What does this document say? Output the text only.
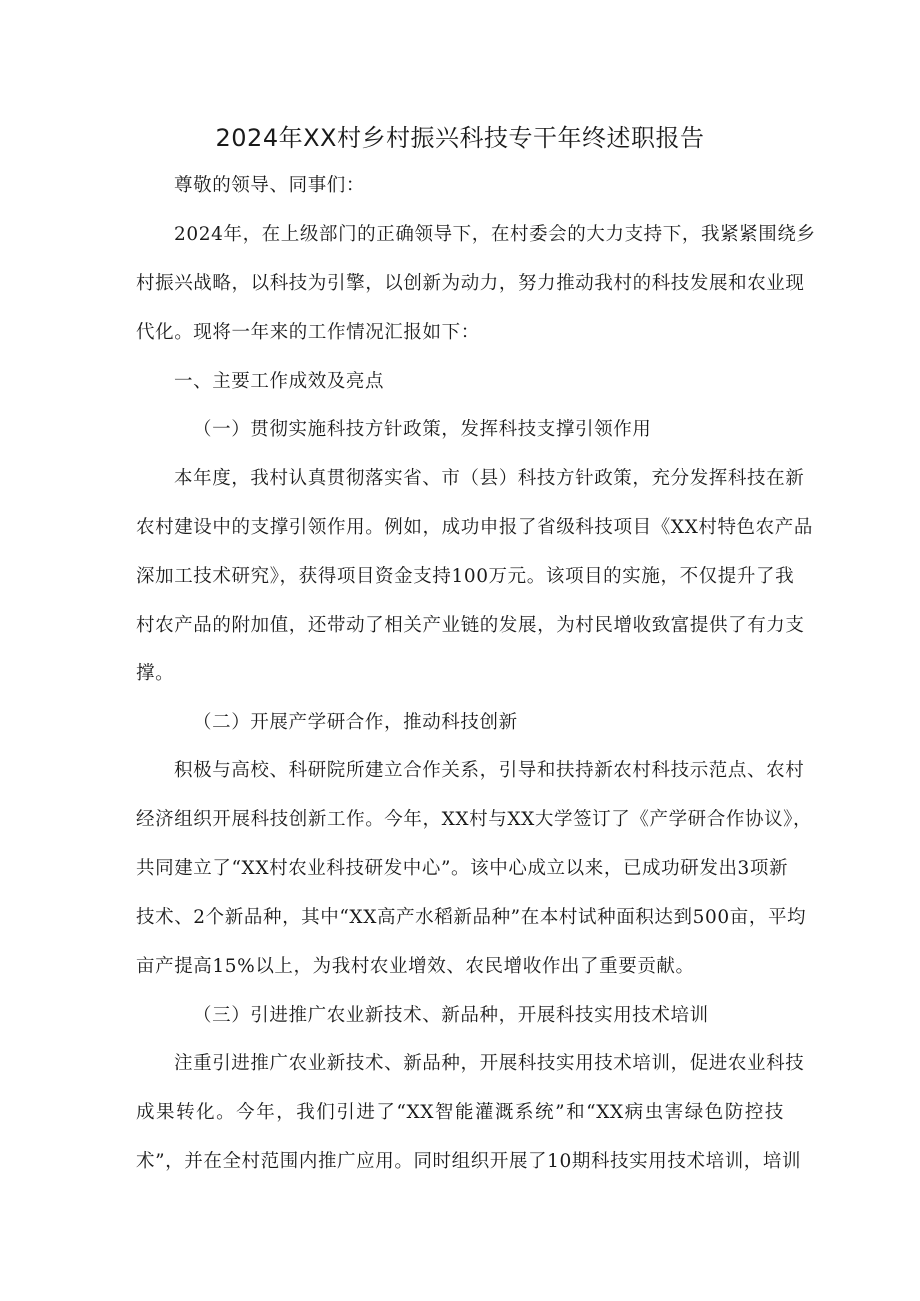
2024年XX村乡村振兴科技专干年终述职报告
尊敬的领导、同事们：
2024年，在上级部门的正确领导下，在村委会的大力支持下，我紧紧围绕乡
村振兴战略，以科技为引擎，以创新为动力，努力推动我村的科技发展和农业现
代化。现将一年来的工作情况汇报如下：
一、主要工作成效及亮点
（一）贯彻实施科技方针政策，发挥科技支撑引领作用
本年度，我村认真贯彻落实省、市（县）科技方针政策，充分发挥科技在新
农村建设中的支撑引领作用。例如，成功申报了省级科技项目《XX村特色农产品
深加工技术研究》，获得项目资金支持100万元。该项目的实施，不仅提升了我
村农产品的附加值，还带动了相关产业链的发展，为村民增收致富提供了有力支
撑。
（二）开展产学研合作，推动科技创新
积极与高校、科研院所建立合作关系，引导和扶持新农村科技示范点、农村
经济组织开展科技创新工作。今年，XX村与XX大学签订了《产学研合作协议》，
共同建立了“XX村农业科技研发中心”。该中心成立以来，已成功研发出3项新
技术、2个新品种，其中“XX高产水稻新品种”在本村试种面积达到500亩，平均
亩产提高15%以上，为我村农业增效、农民增收作出了重要贡献。
（三）引进推广农业新技术、新品种，开展科技实用技术培训
注重引进推广农业新技术、新品种，开展科技实用技术培训，促进农业科技
成果转化。今年，我们引进了“XX智能灌溉系统”和“XX病虫害绿色防控技
术”，并在全村范围内推广应用。同时组织开展了10期科技实用技术培训，培训
